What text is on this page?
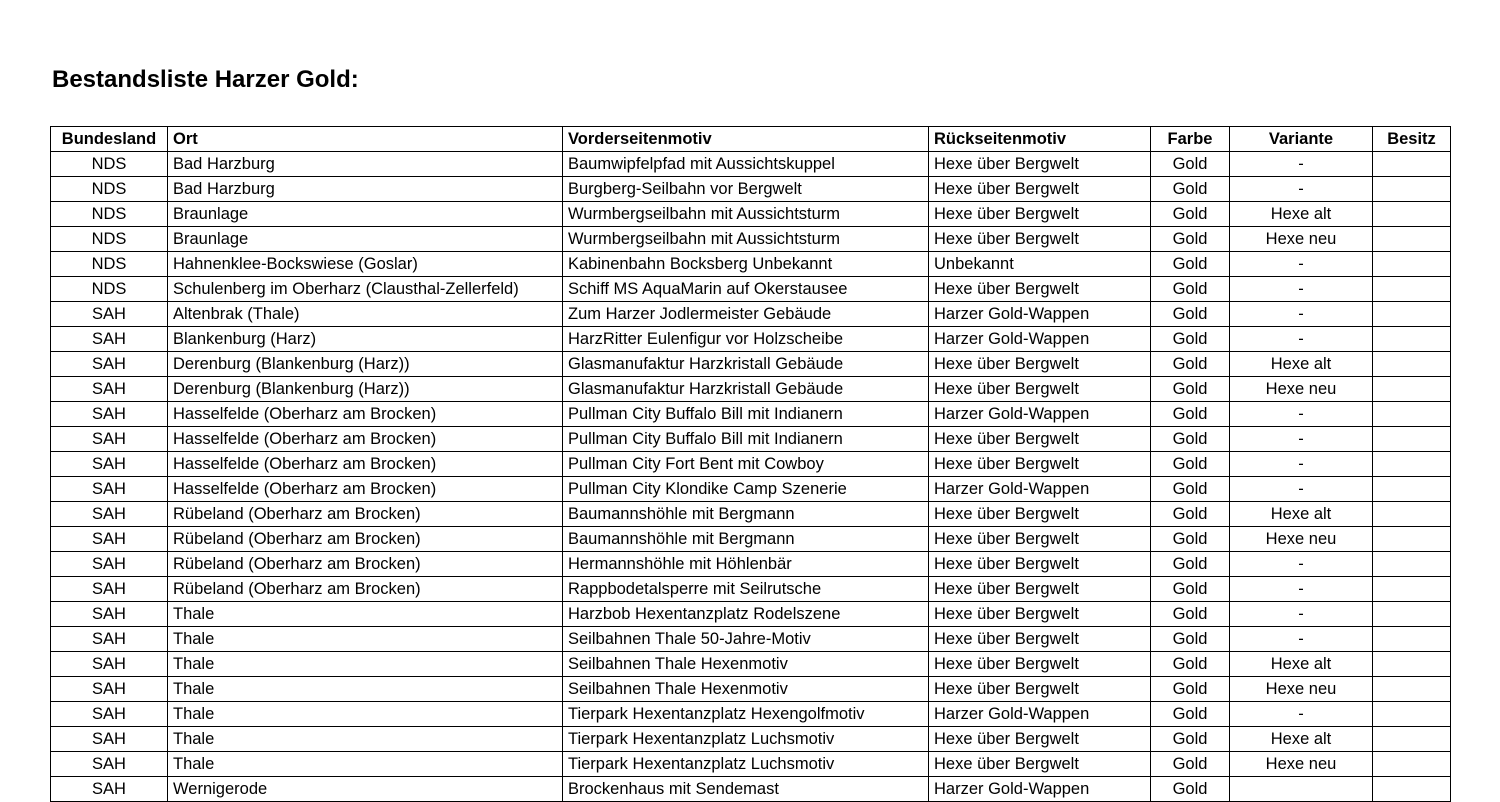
Bestandsliste Harzer Gold:
Bundesland	Ort	Vorderseitenmotiv	Rückseitenmotiv	Farbe	Variante	Besitz
NDS	Bad Harzburg	Baumwipfelpfad mit Aussichtskuppel	Hexe über Bergwelt	Gold	-	
NDS	Bad Harzburg	Burgberg-Seilbahn vor Bergwelt	Hexe über Bergwelt	Gold	-	
NDS	Braunlage	Wurmbergseilbahn mit Aussichtsturm	Hexe über Bergwelt	Gold	Hexe alt	
NDS	Braunlage	Wurmbergseilbahn mit Aussichtsturm	Hexe über Bergwelt	Gold	Hexe neu	
NDS	Hahnenklee-Bockswiese (Goslar)	Kabinenbahn Bocksberg Unbekannt	Unbekannt	Gold	-	
NDS	Schulenberg im Oberharz (Clausthal-Zellerfeld)	Schiff MS AquaMarin auf Okerstausee	Hexe über Bergwelt	Gold	-	
SAH	Altenbrak (Thale)	Zum Harzer Jodlermeister Gebäude	Harzer Gold-Wappen	Gold	-	
SAH	Blankenburg (Harz)	HarzRitter Eulenfigur vor Holzscheibe	Harzer Gold-Wappen	Gold	-	
SAH	Derenburg (Blankenburg (Harz))	Glasmanufaktur Harzkristall Gebäude	Hexe über Bergwelt	Gold	Hexe alt	
SAH	Derenburg (Blankenburg (Harz))	Glasmanufaktur Harzkristall Gebäude	Hexe über Bergwelt	Gold	Hexe neu	
SAH	Hasselfelde (Oberharz am Brocken)	Pullman City Buffalo Bill mit Indianern	Harzer Gold-Wappen	Gold	-	
SAH	Hasselfelde (Oberharz am Brocken)	Pullman City Buffalo Bill mit Indianern	Hexe über Bergwelt	Gold	-	
SAH	Hasselfelde (Oberharz am Brocken)	Pullman City Fort Bent mit Cowboy	Hexe über Bergwelt	Gold	-	
SAH	Hasselfelde (Oberharz am Brocken)	Pullman City Klondike Camp Szenerie	Harzer Gold-Wappen	Gold	-	
SAH	Rübeland (Oberharz am Brocken)	Baumannshöhle mit Bergmann	Hexe über Bergwelt	Gold	Hexe alt	
SAH	Rübeland (Oberharz am Brocken)	Baumannshöhle mit Bergmann	Hexe über Bergwelt	Gold	Hexe neu	
SAH	Rübeland (Oberharz am Brocken)	Hermannshöhle mit Höhlenbär	Hexe über Bergwelt	Gold	-	
SAH	Rübeland (Oberharz am Brocken)	Rappbodetalsperre mit Seilrutsche	Hexe über Bergwelt	Gold	-	
SAH	Thale	Harzbob Hexentanzplatz Rodelszene	Hexe über Bergwelt	Gold	-	
SAH	Thale	Seilbahnen Thale 50-Jahre-Motiv	Hexe über Bergwelt	Gold	-	
SAH	Thale	Seilbahnen Thale Hexenmotiv	Hexe über Bergwelt	Gold	Hexe alt	
SAH	Thale	Seilbahnen Thale Hexenmotiv	Hexe über Bergwelt	Gold	Hexe neu	
SAH	Thale	Tierpark Hexentanzplatz Hexengolfmotiv	Harzer Gold-Wappen	Gold	-	
SAH	Thale	Tierpark Hexentanzplatz Luchsmotiv	Hexe über Bergwelt	Gold	Hexe alt	
SAH	Thale	Tierpark Hexentanzplatz Luchsmotiv	Hexe über Bergwelt	Gold	Hexe neu	
SAH	Wernigerode	Brockenhaus mit Sendemast	Harzer Gold-Wappen	Gold		
